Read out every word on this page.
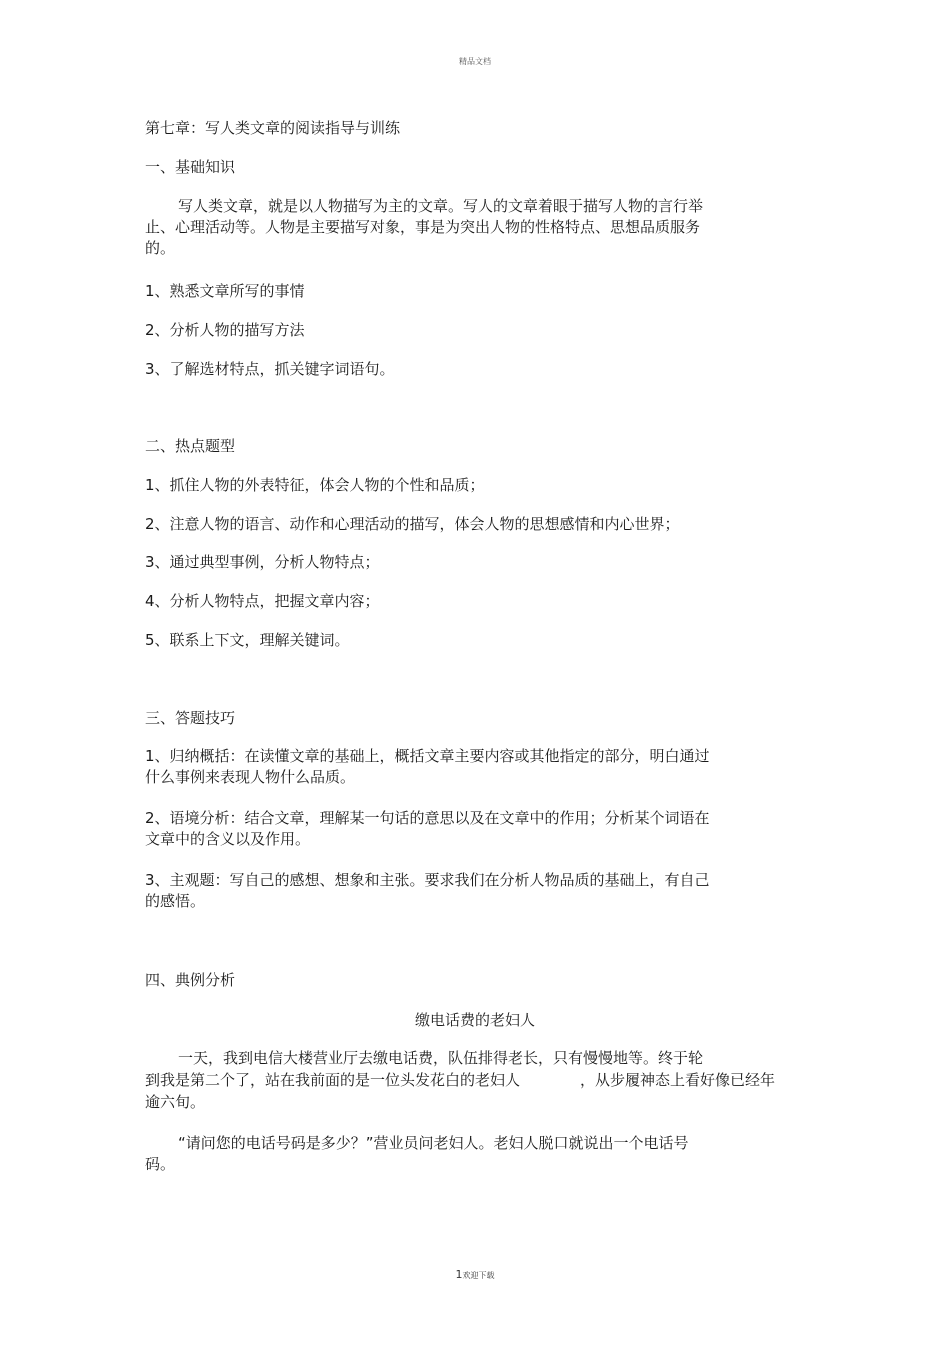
精品文档
第七章：写人类文章的阅读指导与训练
一、基础知识
写人类文章，就是以人物描写为主的文章。写人的文章着眼于描写人物的言行举
止、心理活动等。人物是主要描写对象，事是为突出人物的性格特点、思想品质服务
的。
1、熟悉文章所写的事情
2、分析人物的描写方法
3、了解选材特点，抓关键字词语句。
二、热点题型
1、抓住人物的外表特征，体会人物的个性和品质；
2、注意人物的语言、动作和心理活动的描写，体会人物的思想感情和内心世界；
3、通过典型事例，分析人物特点；
4、分析人物特点，把握文章内容；
5、联系上下文，理解关键词。
三、答题技巧
1、归纳概括：在读懂文章的基础上，概括文章主要内容或其他指定的部分，明白通过
什么事例来表现人物什么品质。
2、语境分析：结合文章，理解某一句话的意思以及在文章中的作用；分析某个词语在
文章中的含义以及作用。
3、主观题：写自己的感想、想象和主张。要求我们在分析人物品质的基础上，有自己
的感悟。
四、典例分析
缴电话费的老妇人
一天，我到电信大楼营业厅去缴电话费，队伍排得老长，只有慢慢地等。终于轮
到我是第二个了，站在我前面的是一位头发花白的老妇人	，从步履神态上看好像已经年
逾六旬。
“请问您的电话号码是多少？”营业员问老妇人。老妇人脱口就说出一个电话号
码。
1欢迎下载
